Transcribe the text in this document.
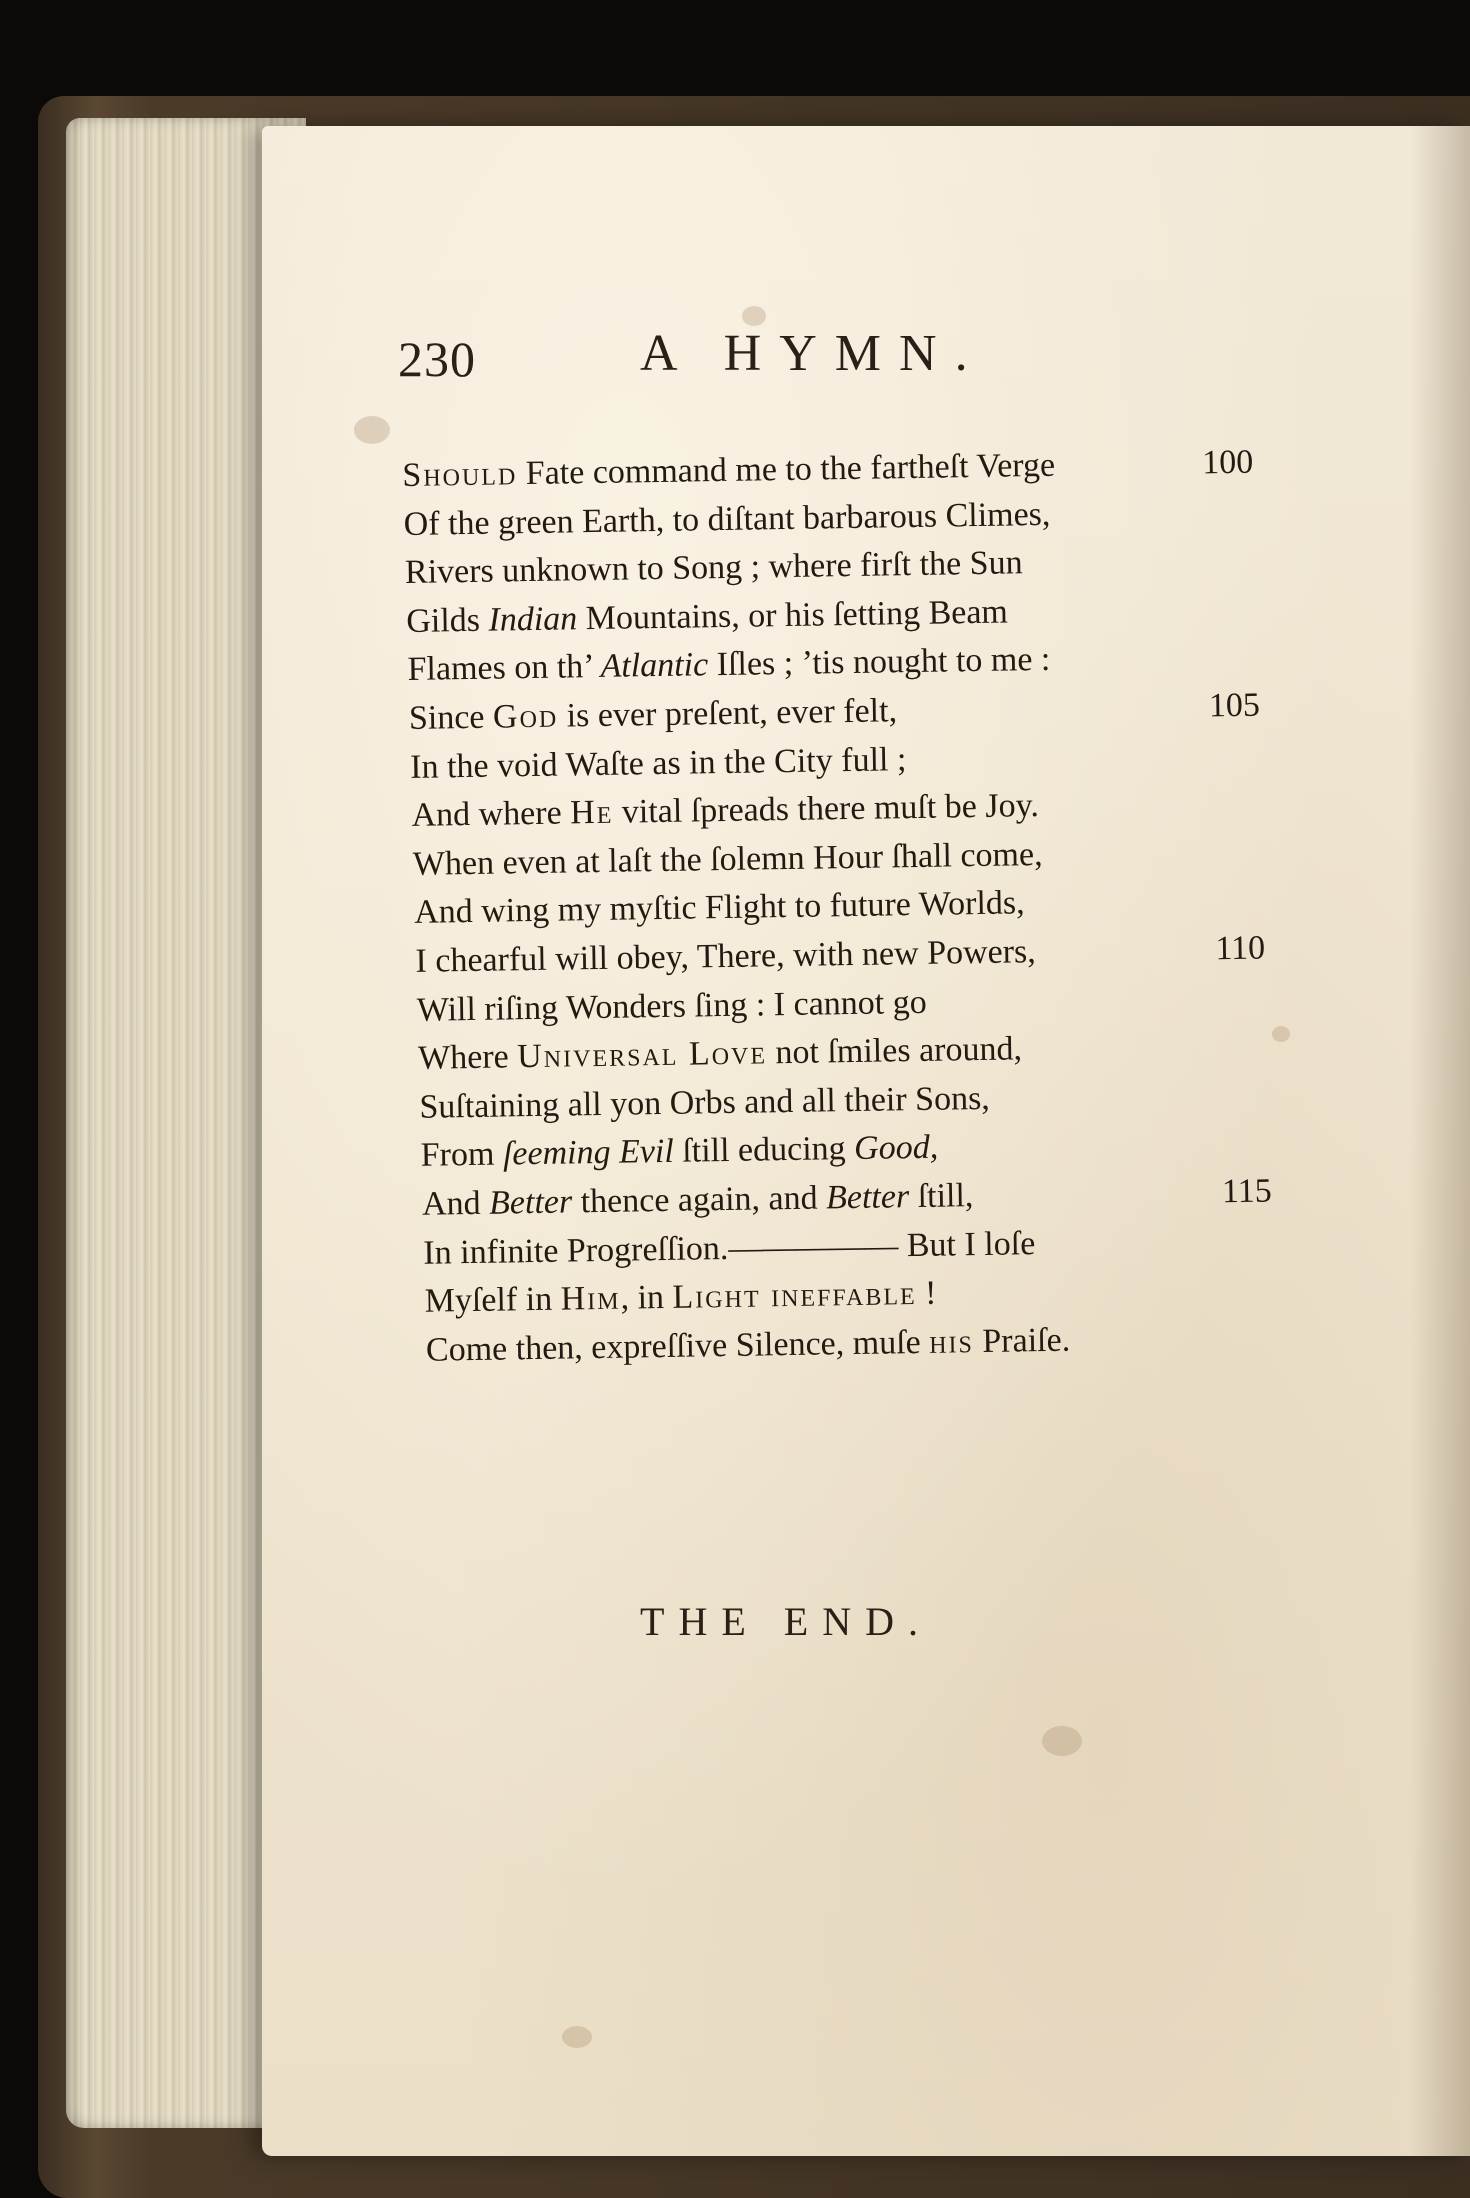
230	A HYMN.
Should Fate command me to the fartheſt Verge	100
Of the green Earth, to diſtant barbarous Climes,
Rivers unknown to Song ; where firſt the Sun
Gilds Indian Mountains, or his ſetting Beam
Flames on th’ Atlantic Iſles ; ’tis nought to me :
Since God is ever preſent, ever felt,	105
In the void Waſte as in the City full ;
And where He vital ſpreads there muſt be Joy.
When even at laſt the ſolemn Hour ſhall come,
And wing my myſtic Flight to future Worlds,
I chearful will obey, There, with new Powers,	110
Will riſing Wonders ſing : I cannot go
Where Universal Love not ſmiles around,
Suſtaining all yon Orbs and all their Sons,
From ſeeming Evil ſtill educing Good,
And Better thence again, and Better ſtill,	115
In infinite Progreſſion.————— But I loſe
Myſelf in Him, in Light ineffable !
Come then, expreſſive Silence, muſe his Praiſe.
THE END.
